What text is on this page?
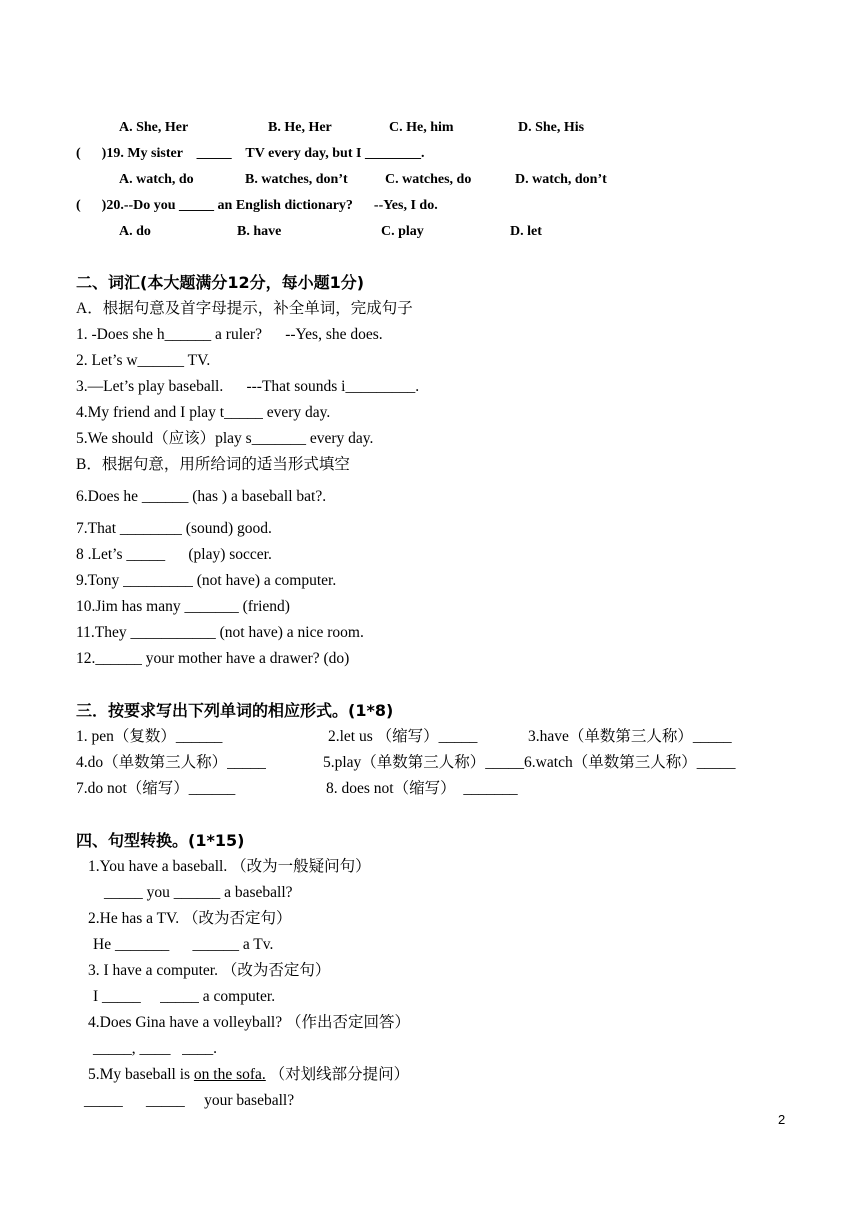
A. She, Her	B. He, Her	C. He, him	D. She, His
(      )19. My sister    _____    TV every day, but I ________.
A. watch, do	B. watches, don’t	C. watches, do	D. watch, don’t
(      )20.--Do you _____ an English dictionary?      --Yes, I do.
A. do	B. have	C. play	D. let
二、词汇(本大题满分12分，每小题1分)
A．根据句意及首字母提示，补全单词，完成句子
1. -Does she h______ a ruler?      --Yes, she does.
2. Let’s w______ TV.
3.—Let’s play baseball.      ---That sounds i_________.
4.My friend and I play t_____ every day.
5.We should（应该）play s_______ every day.
B．根据句意，用所给词的适当形式填空
6.Does he ______ (has ) a baseball bat?.
7.That ________ (sound) good.
8 .Let’s _____      (play) soccer.
9.Tony _________ (not have) a computer.
10.Jim has many _______ (friend)
11.They ___________ (not have) a nice room.
12.______ your mother have a drawer? (do)
三．按要求写出下列单词的相应形式。(1*8)
1. pen（复数）______	2.let us （缩写）_____	3.have（单数第三人称）_____
4.do（单数第三人称）_____	5.play（单数第三人称）_____6.watch（单数第三人称）_____
7.do not（缩写）______	8. does not（缩写）  _______
四、句型转换。(1*15)
1.You have a baseball. （改为一般疑问句）
_____ you ______ a baseball?
2.He has a TV. （改为否定句）
He _______      ______ a Tv.
3. I have a computer. （改为否定句）
I _____     _____ a computer.
4.Does Gina have a volleyball? （作出否定回答）
_____, ____   ____.
5.My baseball is on the sofa. （对划线部分提问）
_____      _____     your baseball?
2
